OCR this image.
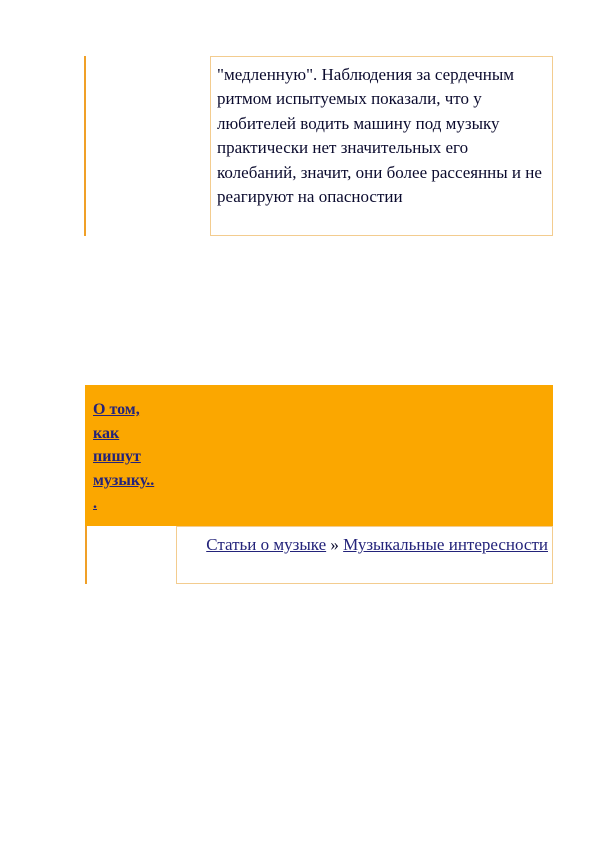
"медленную". Наблюдения за сердечным ритмом испытуемых показали, что у любителей водить машину под музыку практически нет значительных его колебаний, значит, они более рассеянны и не реагируют на опасностии
О том,
как
пишут
музыку..
.
Статьи о музыке » Музыкальные интересности
